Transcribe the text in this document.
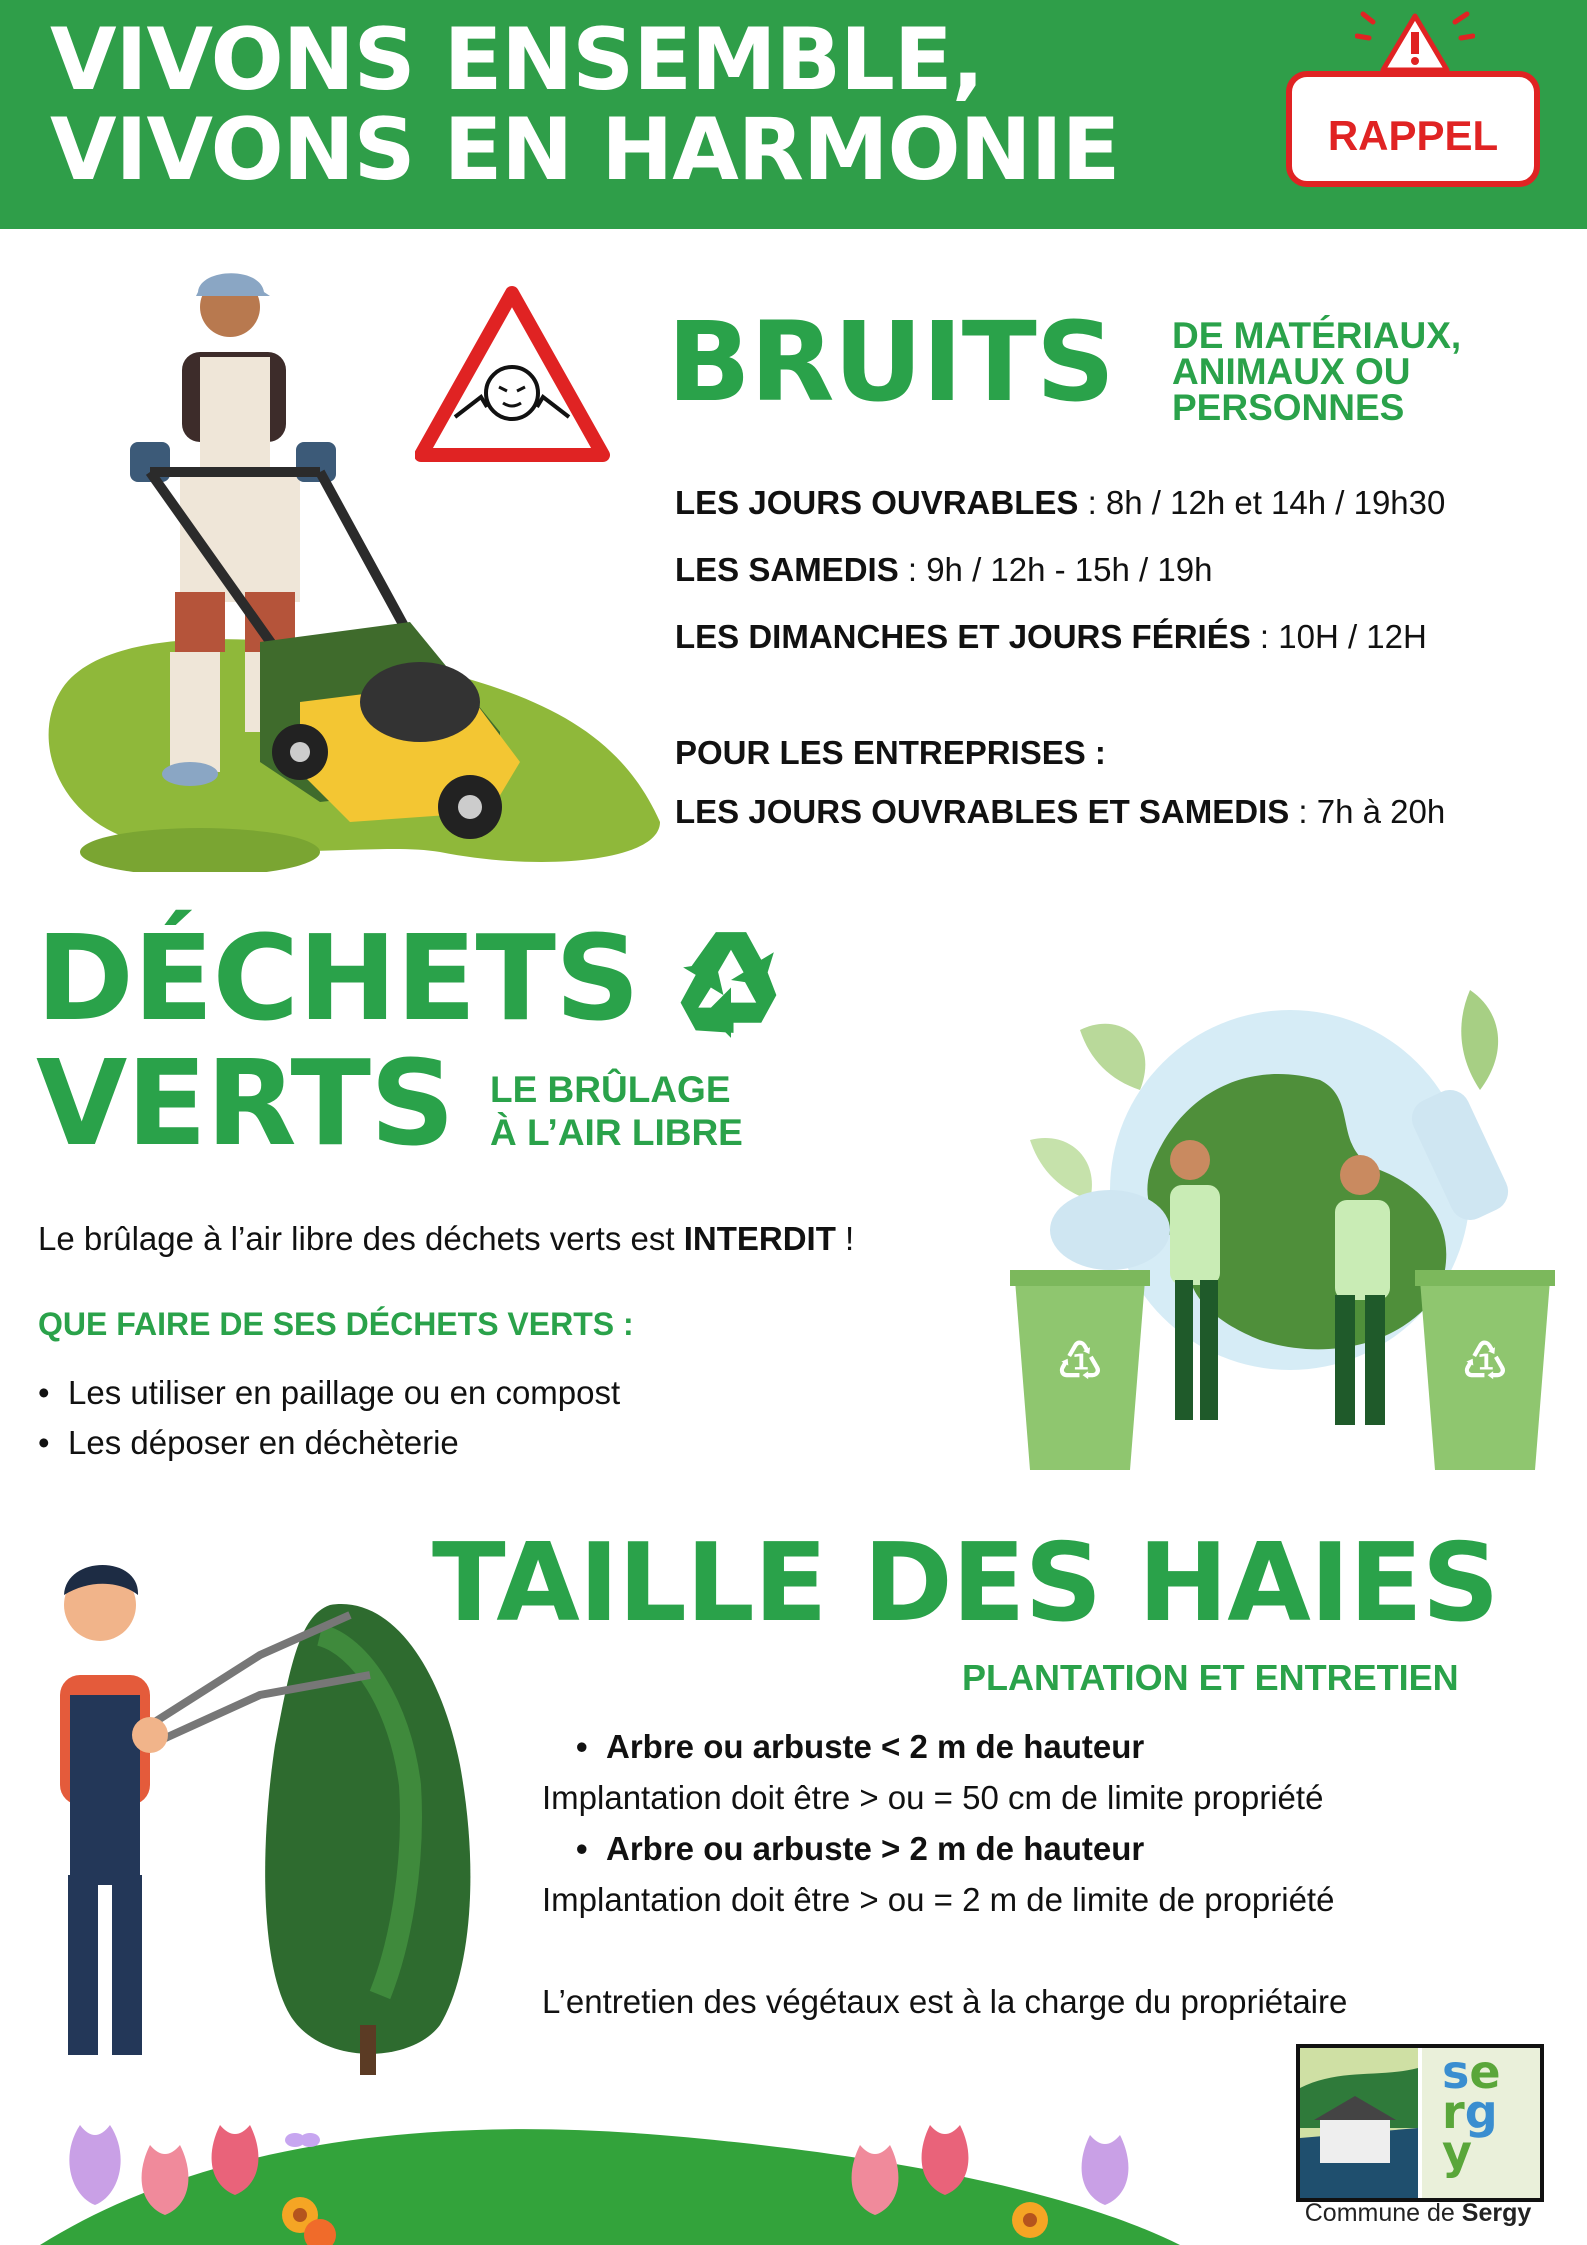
VIVONS ENSEMBLE,
VIVONS EN HARMONIE	RAPPEL
BRUITS DE MATÉRIAUX,
ANIMAUX OU
PERSONNES
LES JOURS OUVRABLES : 8h / 12h et 14h / 19h30
LES SAMEDIS : 9h / 12h - 15h / 19h
LES DIMANCHES ET JOURS FÉRIÉS : 10H / 12H
POUR LES ENTREPRISES :
LES JOURS OUVRABLES ET SAMEDIS : 7h à 20h
DÉCHETS
VERTS LE BRÛLAGE
À L’AIR LIBRE
Le brûlage à l’air libre des déchets verts est INTERDIT !
QUE FAIRE DE SES DÉCHETS VERTS :
• Les utiliser en paillage ou en compost
• Les déposer en déchèterie
♳	♳
TAILLE DES HAIES
PLANTATION ET ENTRETIEN
• Arbre ou arbuste < 2 m de hauteur
Implantation doit être > ou = 50 cm de limite propriété
• Arbre ou arbuste > 2 m de hauteur
Implantation doit être > ou = 2 m de limite de propriété
L’entretien des végétaux est à la charge du propriétaire
se
rg
y
Commune de Sergy
